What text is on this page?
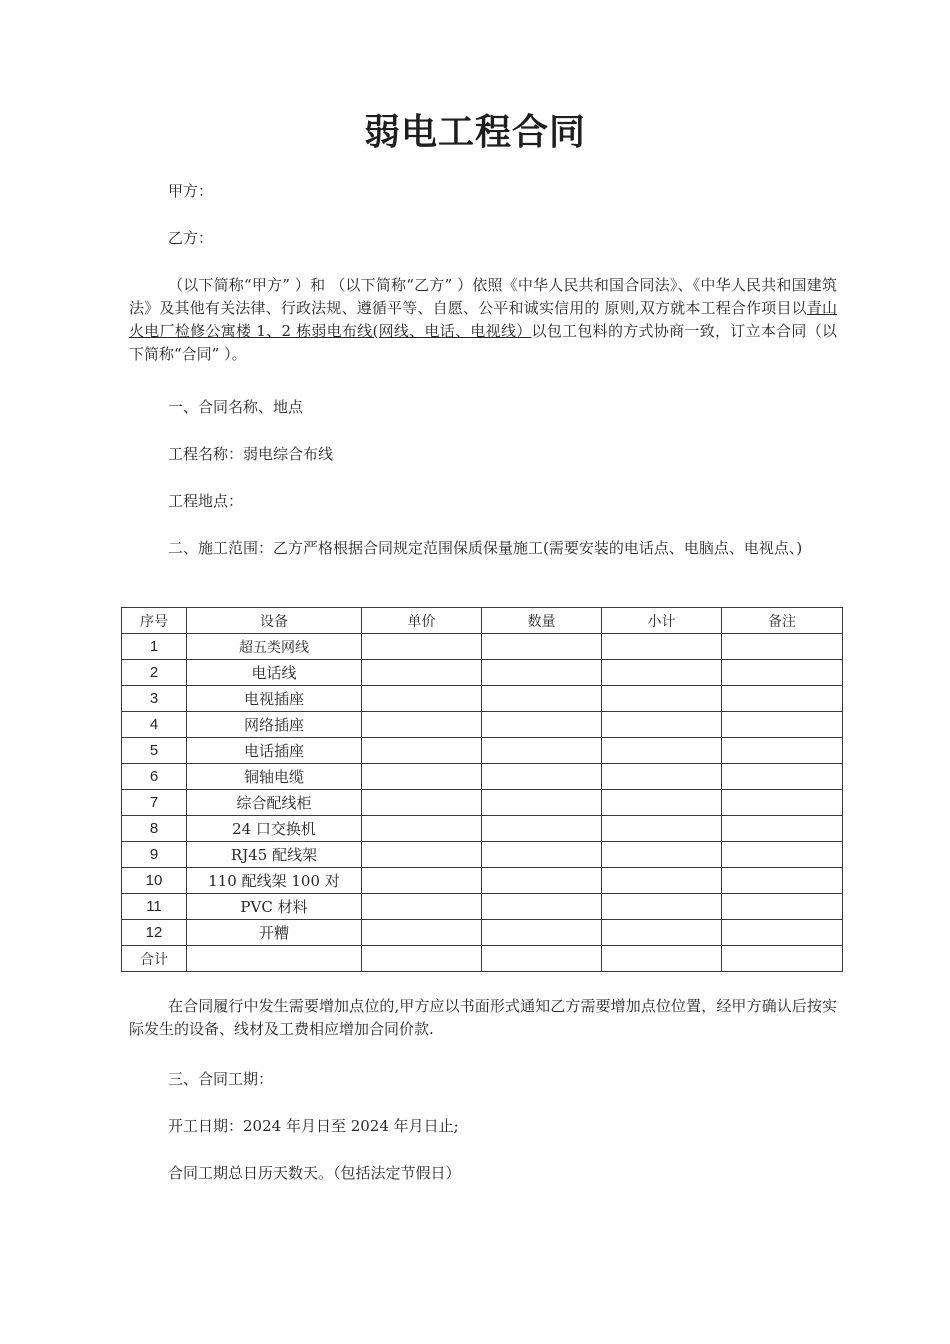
弱电工程合同
甲方：
乙方：
（以下简称“甲方” ）和 （以下简称“乙方” ）依照《中华人民共和国合同法》、《中华人民共和国建筑法》及其他有关法律、行政法规、遵循平等、自愿、公平和诚实信用的 原则,双方就本工程合作项目以青山火电厂检修公寓楼 1、2 栋弱电布线(网线、电话、电视线）以包工包料的方式协商一致，订立本合同（以下简称“合同” ）。
一、合同名称、地点
工程名称：弱电综合布线
工程地点：
二、施工范围：乙方严格根据合同规定范围保质保量施工(需要安装的电话点、电脑点、电视点、)
序号	设备	单价	数量	小计	备注
1	超五类网线				
2	电话线				
3	电视插座				
4	网络插座				
5	电话插座				
6	铜轴电缆				
7	综合配线柜				
8	24 口交换机				
9	RJ45 配线架				
10	110 配线架 100 对				
11	PVC 材料				
12	开糟				
合计					
在合同履行中发生需要增加点位的,甲方应以书面形式通知乙方需要增加点位位置，经甲方确认后按实际发生的设备、线材及工费相应增加合同价款.
三、合同工期：
开工日期：2024 年月日至 2024 年月日止;
合同工期总日历天数天。（包括法定节假日）
